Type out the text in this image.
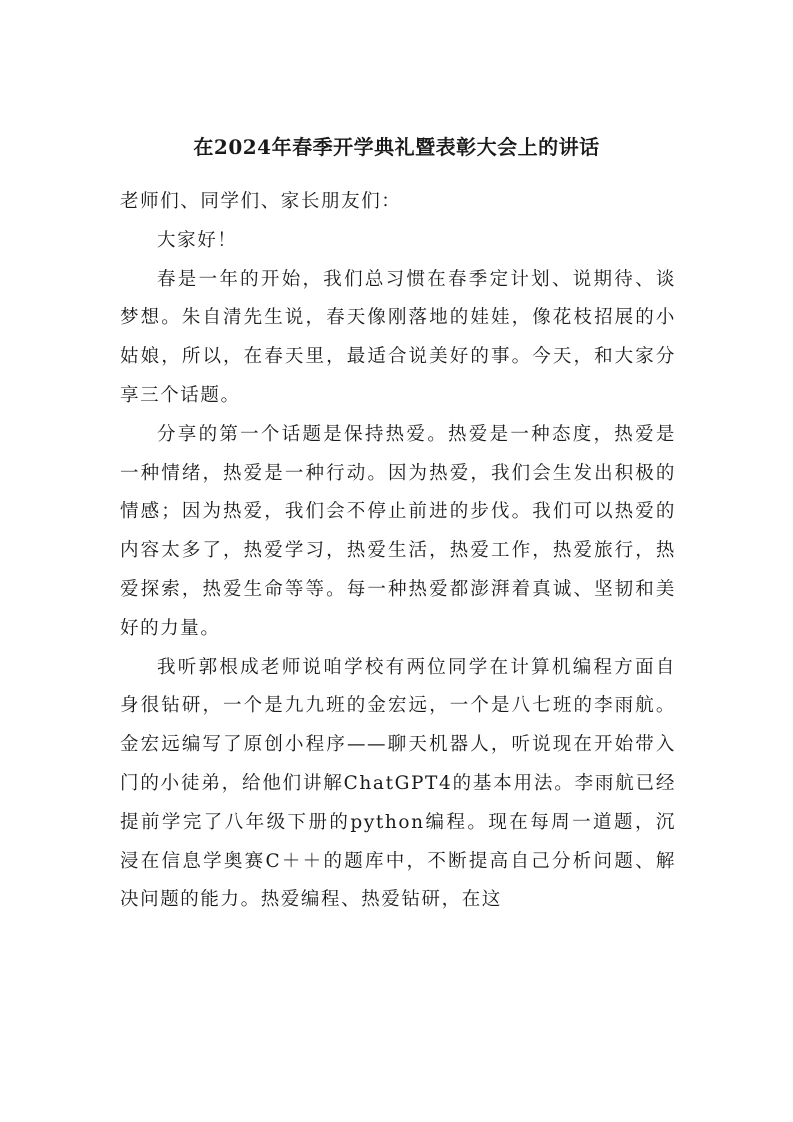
在2024年春季开学典礼暨表彰大会上的讲话

老师们、同学们、家长朋友们：

大家好！

春是一年的开始，我们总习惯在春季定计划、说期待、谈梦想。朱自清先生说，春天像刚落地的娃娃，像花枝招展的小姑娘，所以，在春天里，最适合说美好的事。今天，和大家分享三个话题。

分享的第一个话题是保持热爱。热爱是一种态度，热爱是一种情绪，热爱是一种行动。因为热爱，我们会生发出积极的情感；因为热爱，我们会不停止前进的步伐。我们可以热爱的内容太多了，热爱学习，热爱生活，热爱工作，热爱旅行，热爱探索，热爱生命等等。每一种热爱都澎湃着真诚、坚韧和美好的力量。

我听郭根成老师说咱学校有两位同学在计算机编程方面自身很钻研，一个是九九班的金宏远，一个是八七班的李雨航。金宏远编写了原创小程序——聊天机器人，听说现在开始带入门的小徒弟，给他们讲解ChatGPT4的基本用法。李雨航已经提前学完了八年级下册的python编程。现在每周一道题，沉浸在信息学奥赛C＋＋的题库中，不断提高自己分析问题、解决问题的能力。热爱编程、热爱钻研，在这
